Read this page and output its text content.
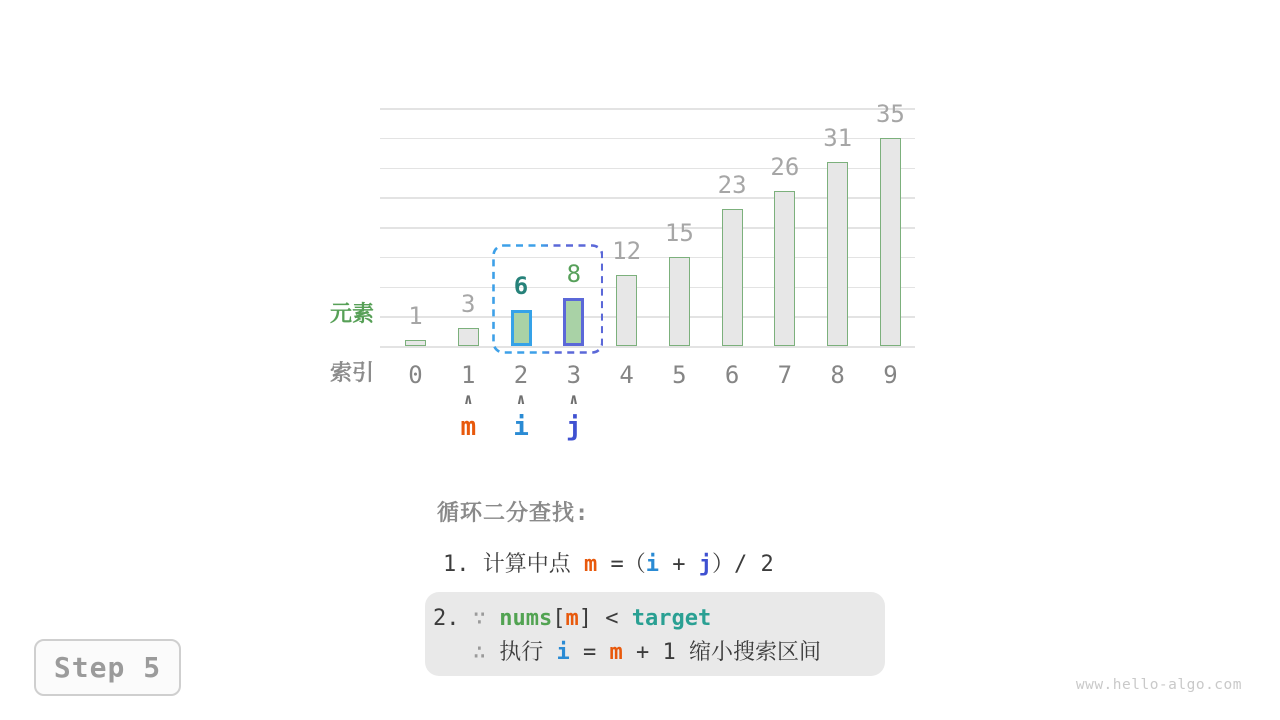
1
0
3
1
6
2
8
3
12
4
15
5
23
6
26
7
31
8
35
9
元素
索引
∧
m
∧
i
∧
j
循环二分查找:
1. 计算中点 m =（i + j）/ 2
2. ∵ nums[m] < target
∴ 执行 i = m + 1 缩小搜索区间
Step 5
www.hello-algo.com
